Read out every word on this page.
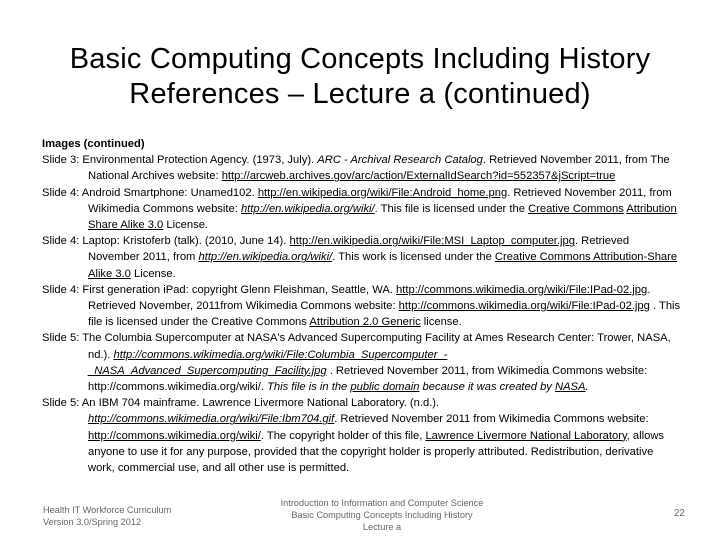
Basic Computing Concepts Including History
References – Lecture a (continued)
Images (continued)
Slide 3: Environmental Protection Agency. (1973, July). ARC - Archival Research Catalog. Retrieved November 2011, from The National Archives website: http://arcweb.archives.gov/arc/action/ExternalIdSearch?id=552357&jScript=true
Slide 4: Android Smartphone: Unamed102. http://en.wikipedia.org/wiki/File:Android_home.png. Retrieved November 2011, from Wikimedia Commons website: http://en.wikipedia.org/wiki/. This file is licensed under the Creative Commons Attribution Share Alike 3.0 License.
Slide 4: Laptop: Kristoferb (talk). (2010, June 14). http://en.wikipedia.org/wiki/File:MSI_Laptop_computer.jpg. Retrieved November 2011, from http://en.wikipedia.org/wiki/. This work is licensed under the Creative Commons Attribution-Share Alike 3.0 License.
Slide 4: First generation iPad: copyright Glenn Fleishman, Seattle, WA. http://commons.wikimedia.org/wiki/File:IPad-02.jpg. Retrieved November, 2011from Wikimedia Commons website: http://commons.wikimedia.org/wiki/File:IPad-02.jpg . This file is licensed under the Creative Commons Attribution 2.0 Generic license.
Slide 5: The Columbia Supercomputer at NASA's Advanced Supercomputing Facility at Ames Research Center: Trower, NASA, nd.). http://commons.wikimedia.org/wiki/File:Columbia_Supercomputer_-_NASA_Advanced_Supercomputing_Facility.jpg . Retrieved November 2011, from Wikimedia Commons website: http://commons.wikimedia.org/wiki/. This file is in the public domain because it was created by NASA.
Slide 5: An IBM 704 mainframe. Lawrence Livermore National Laboratory. (n.d.). http://commons.wikimedia.org/wiki/File:Ibm704.gif. Retrieved November 2011 from Wikimedia Commons website: http://commons.wikimedia.org/wiki/. The copyright holder of this file, Lawrence Livermore National Laboratory, allows anyone to use it for any purpose, provided that the copyright holder is properly attributed. Redistribution, derivative work, commercial use, and all other use is permitted.
Health IT Workforce Curriculum
Version 3.0/Spring 2012
Introduction to Information and Computer Science
Basic Computing Concepts Including History
Lecture a
22
